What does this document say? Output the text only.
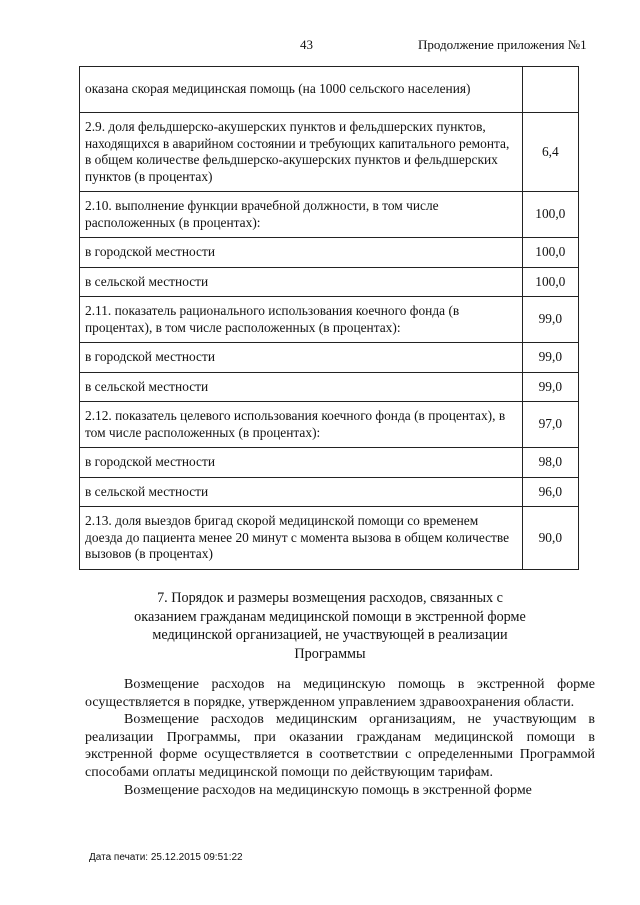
43	Продолжение приложения №1
оказана скорая медицинская помощь (на 1000 сельского населения)	
2.9. доля фельдшерско-акушерских пунктов и фельдшерских пунктов, находящихся в аварийном состоянии и требующих капитального ремонта, в общем количестве фельдшерско-акушерских пунктов и фельдшерских пунктов (в процентах)	6,4
2.10. выполнение функции врачебной должности, в том числе расположенных (в процентах):	100,0
в городской местности	100,0
в сельской местности	100,0
2.11. показатель рационального использования коечного фонда (в процентах), в том числе расположенных (в процентах):	99,0
в городской местности	99,0
в сельской местности	99,0
2.12. показатель целевого использования коечного фонда (в процентах), в том числе расположенных (в процентах):	97,0
в городской местности	98,0
в сельской местности	96,0
2.13. доля выездов бригад скорой медицинской помощи со временем доезда до пациента менее 20 минут с момента вызова в общем количестве вызовов (в процентах)	90,0
7. Порядок и размеры возмещения расходов, связанных с
оказанием гражданам медицинской помощи в экстренной форме
медицинской организацией, не участвующей в реализации
Программы

Возмещение расходов на медицинскую помощь в экстренной форме осуществляется в порядке, утвержденном управлением здравоохранения области.

Возмещение расходов медицинским организациям, не участвующим в реализации Программы, при оказании гражданам медицинской помощи в экстренной форме осуществляется в соответствии с определенными Программой способами оплаты медицинской помощи по действующим тарифам.

Возмещение расходов на медицинскую помощь в экстренной форме

Дата печати: 25.12.2015 09:51:22
